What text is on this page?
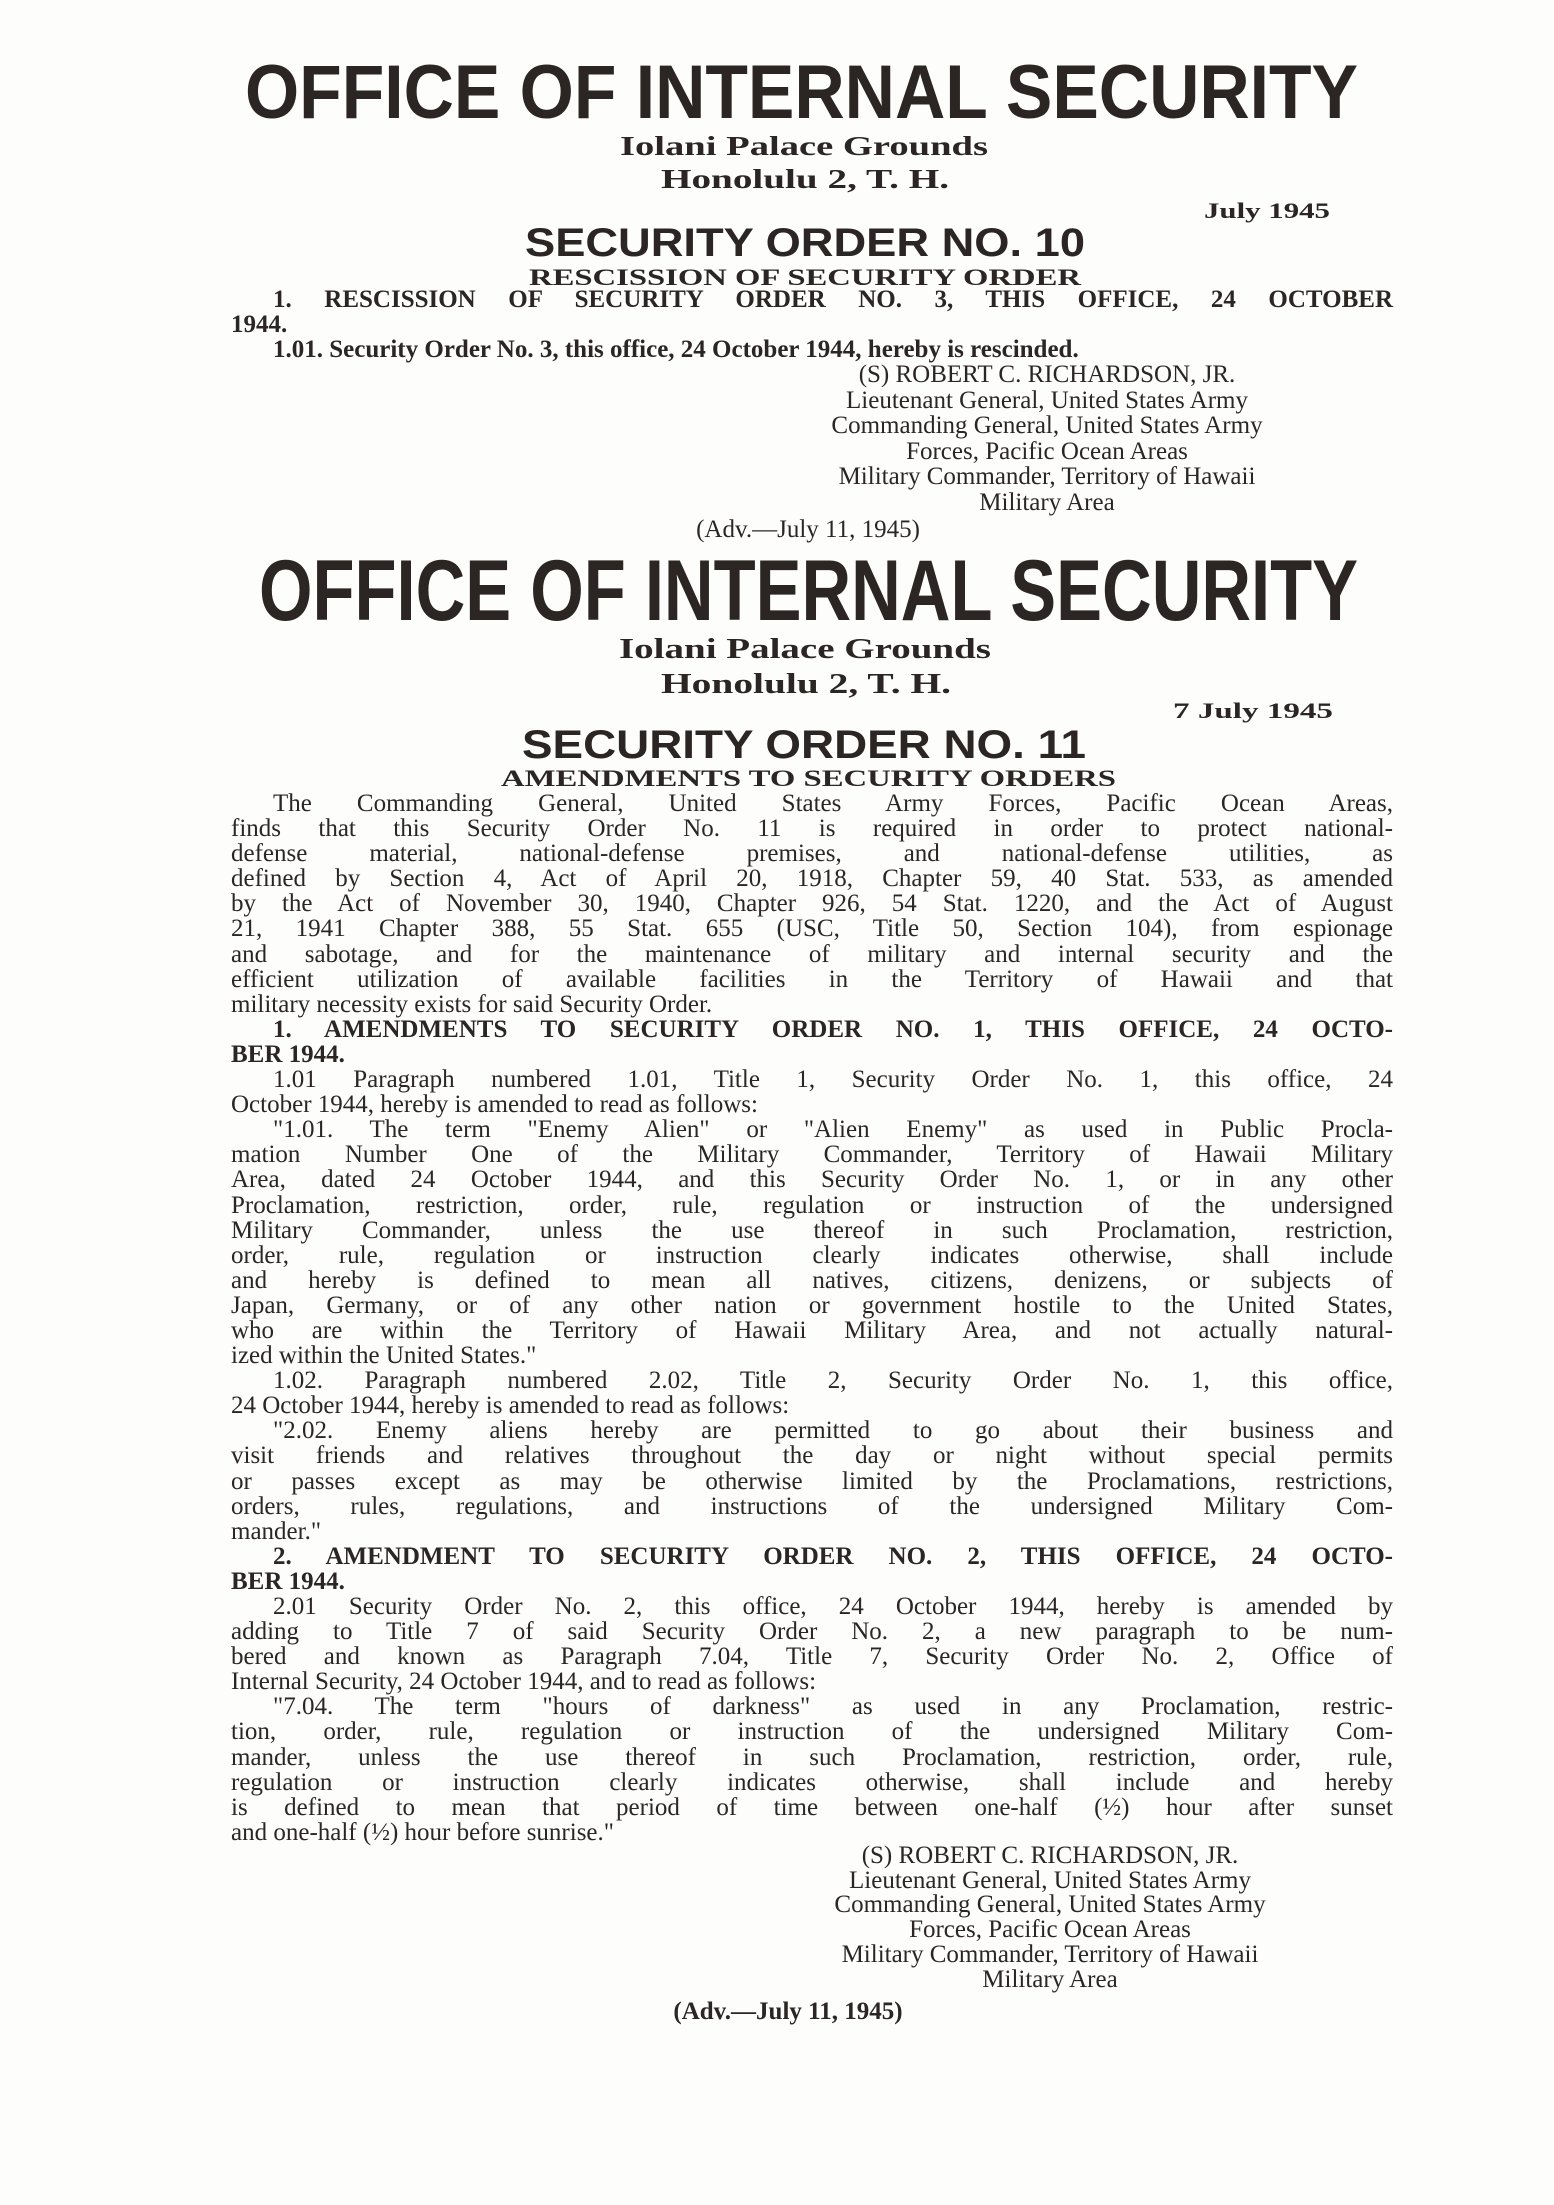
OFFICE OF INTERNAL SECURITY
Iolani Palace Grounds
Honolulu 2, T. H.
July 1945
SECURITY ORDER NO. 10
RESCISSION OF SECURITY ORDER
OFFICE OF INTERNAL SECURITY
Iolani Palace Grounds
Honolulu 2, T. H.
7 July 1945
SECURITY ORDER NO. 11
AMENDMENTS TO SECURITY ORDERS
1. RESCISSION OF SECURITY ORDER NO. 3, THIS OFFICE, 24 OCTOBER
1944.
1.01. Security Order No. 3, this office, 24 October 1944, hereby is rescinded.
(S) ROBERT C. RICHARDSON, JR.
Lieutenant General, United States Army
Commanding General, United States Army
Forces, Pacific Ocean Areas
Military Commander, Territory of Hawaii
Military Area
(Adv.—July 11, 1945)
The Commanding General, United States Army Forces, Pacific Ocean Areas,
finds that this Security Order No. 11 is required in order to protect national-
defense material, national-defense premises, and national-defense utilities, as
defined by Section 4, Act of April 20, 1918, Chapter 59, 40 Stat. 533, as amended
by the Act of November 30, 1940, Chapter 926, 54 Stat. 1220, and the Act of August
21, 1941 Chapter 388, 55 Stat. 655 (USC, Title 50, Section 104), from espionage
and sabotage, and for the maintenance of military and internal security and the
efficient utilization of available facilities in the Territory of Hawaii and that
military necessity exists for said Security Order.
1. AMENDMENTS TO SECURITY ORDER NO. 1, THIS OFFICE, 24 OCTO-
BER 1944.
1.01 Paragraph numbered 1.01, Title 1, Security Order No. 1, this office, 24
October 1944, hereby is amended to read as follows:
"1.01. The term "Enemy Alien" or "Alien Enemy" as used in Public Procla-
mation Number One of the Military Commander, Territory of Hawaii Military
Area, dated 24 October 1944, and this Security Order No. 1, or in any other
Proclamation, restriction, order, rule, regulation or instruction of the undersigned
Military Commander, unless the use thereof in such Proclamation, restriction,
order, rule, regulation or instruction clearly indicates otherwise, shall include
and hereby is defined to mean all natives, citizens, denizens, or subjects of
Japan, Germany, or of any other nation or government hostile to the United States,
who are within the Territory of Hawaii Military Area, and not actually natural-
ized within the United States."
1.02. Paragraph numbered 2.02, Title 2, Security Order No. 1, this office,
24 October 1944, hereby is amended to read as follows:
"2.02. Enemy aliens hereby are permitted to go about their business and
visit friends and relatives throughout the day or night without special permits
or passes except as may be otherwise limited by the Proclamations, restrictions,
orders, rules, regulations, and instructions of the undersigned Military Com-
mander."
2. AMENDMENT TO SECURITY ORDER NO. 2, THIS OFFICE, 24 OCTO-
BER 1944.
2.01 Security Order No. 2, this office, 24 October 1944, hereby is amended by
adding to Title 7 of said Security Order No. 2, a new paragraph to be num-
bered and known as Paragraph 7.04, Title 7, Security Order No. 2, Office of
Internal Security, 24 October 1944, and to read as follows:
"7.04. The term "hours of darkness" as used in any Proclamation, restric-
tion, order, rule, regulation or instruction of the undersigned Military Com-
mander, unless the use thereof in such Proclamation, restriction, order, rule,
regulation or instruction clearly indicates otherwise, shall include and hereby
is defined to mean that period of time between one-half (½) hour after sunset
and one-half (½) hour before sunrise."
(S) ROBERT C. RICHARDSON, JR.
Lieutenant General, United States Army
Commanding General, United States Army
Forces, Pacific Ocean Areas
Military Commander, Territory of Hawaii
Military Area
(Adv.—July 11, 1945)
